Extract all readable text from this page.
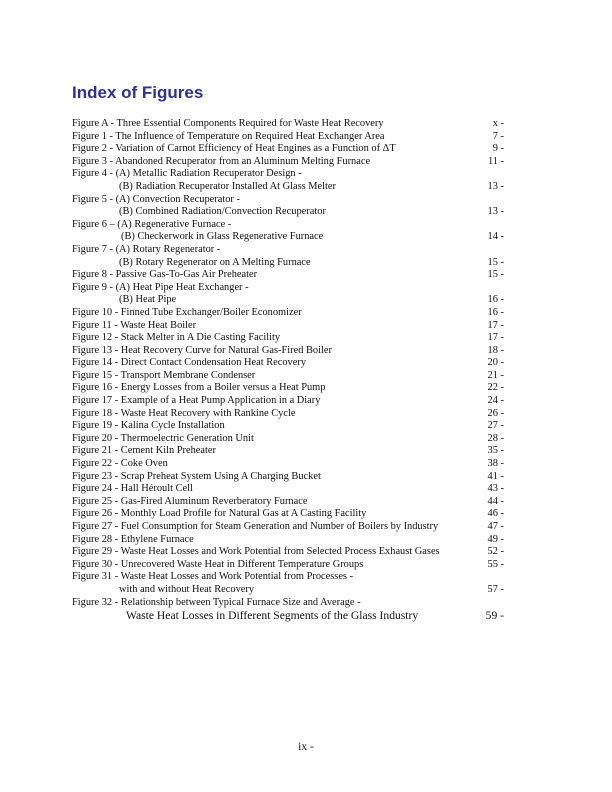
Index of Figures
Figure A - Three Essential Components Required for Waste Heat Recovery	x -
Figure 1 - The Influence of Temperature on Required Heat Exchanger Area	7 -
Figure 2 - Variation of Carnot Efficiency of Heat Engines as a Function of ΔT	9 -
Figure 3 - Abandoned Recuperator from an Aluminum Melting Furnace	11 -
Figure 4 - (A) Metallic Radiation Recuperator Design -
(B) Radiation Recuperator Installed At Glass Melter	13 -
Figure 5 - (A) Convection Recuperator -
(B) Combined Radiation/Convection Recuperator	13 -
Figure 6 – (A) Regenerative Furnace -
(B) Checkerwork in Glass Regenerative Furnace	14 -
Figure 7 - (A) Rotary Regenerator -
(B) Rotary Regenerator on A Melting Furnace	15 -
Figure 8 - Passive Gas-To-Gas Air Preheater	15 -
Figure 9 - (A) Heat Pipe Heat Exchanger -
(B) Heat Pipe	16 -
Figure 10 - Finned Tube Exchanger/Boiler Economizer	16 -
Figure 11 - Waste Heat Boiler	17 -
Figure 12 - Stack Melter in A Die Casting Facility	17 -
Figure 13 - Heat Recovery Curve for Natural Gas-Fired Boiler	18 -
Figure 14 - Direct Contact Condensation Heat Recovery	20 -
Figure 15 - Transport Membrane Condenser	21 -
Figure 16 - Energy Losses from a Boiler versus a Heat Pump	22 -
Figure 17 - Example of a Heat Pump Application in a Diary	24 -
Figure 18 - Waste Heat Recovery with Rankine Cycle	26 -
Figure 19 - Kalina Cycle Installation	27 -
Figure 20 - Thermoelectric Generation Unit	28 -
Figure 21 - Cement Kiln Preheater	35 -
Figure 22 - Coke Oven	38 -
Figure 23 - Scrap Preheat System Using A Charging Bucket	41 -
Figure 24 - Hall Héroult Cell	43 -
Figure 25 - Gas-Fired Aluminum Reverberatory Furnace	44 -
Figure 26 - Monthly Load Profile for Natural Gas at A Casting Facility	46 -
Figure 27 - Fuel Consumption for Steam Generation and Number of Boilers by Industry	47 -
Figure 28 - Ethylene Furnace	49 -
Figure 29 - Waste Heat Losses and Work Potential from Selected Process Exhaust Gases	52 -
Figure 30 - Unrecovered Waste Heat in Different Temperature Groups	55 -
Figure 31 - Waste Heat Losses and Work Potential from Processes -
with and without Heat Recovery	57 -
Figure 32 - Relationship between Typical Furnace Size and Average -
Waste Heat Losses in Different Segments of the Glass Industry	59 -
ix -
